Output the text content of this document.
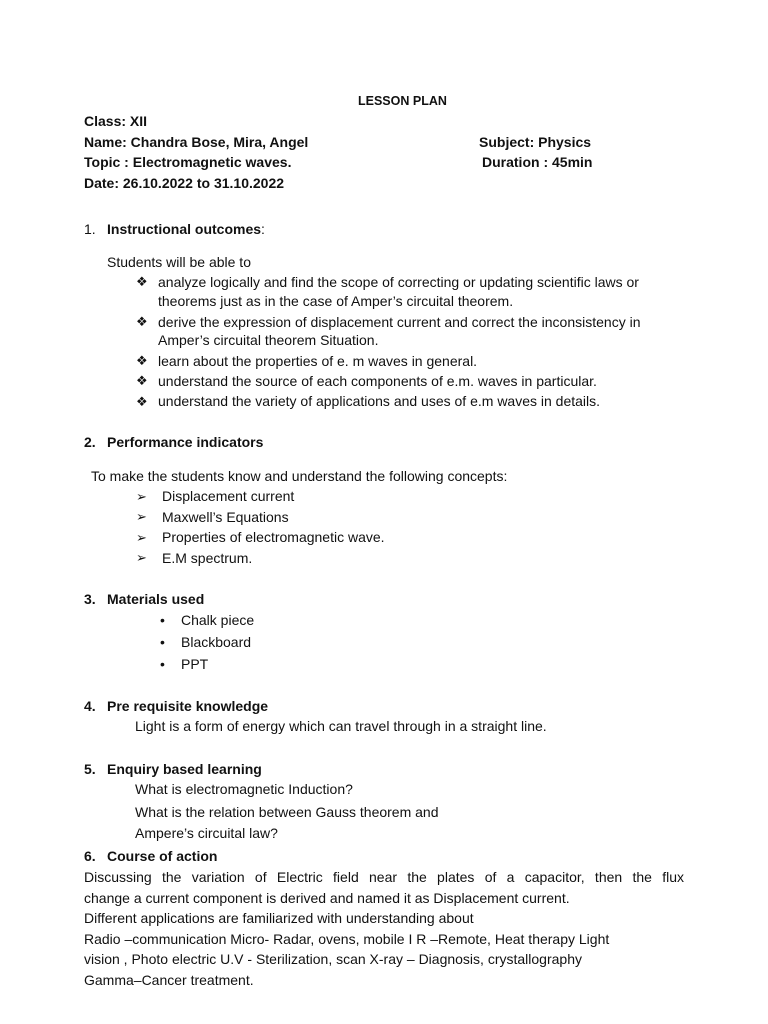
LESSON PLAN
Class: XII
Name: Chandra Bose, Mira, Angel	Subject: Physics
Topic : Electromagnetic waves.	Duration : 45min
Date: 26.10.2022 to 31.10.2022
1. Instructional outcomes:
Students will be able to
❖ analyze logically and find the scope of correcting or updating scientific laws or
theorems just as in the case of Amper’s circuital theorem.
❖ derive the expression of displacement current and correct the inconsistency in
Amper’s circuital theorem Situation.
❖ learn about the properties of e. m waves in general.
❖ understand the source of each components of e.m. waves in particular.
❖ understand the variety of applications and uses of e.m waves in details.
2. Performance indicators
To make the students know and understand the following concepts:
➢ Displacement current
➢ Maxwell’s Equations
➢ Properties of electromagnetic wave.
➢ E.M spectrum.
3. Materials used
• Chalk piece
• Blackboard
• PPT
4. Pre requisite knowledge
Light is a form of energy which can travel through in a straight line.
5. Enquiry based learning
What is electromagnetic Induction?
What is the relation between Gauss theorem and
Ampere’s circuital law?
6. Course of action
Discussing the variation of Electric field near the plates of a capacitor, then the flux
change a current component is derived and named it as Displacement current.
Different applications are familiarized with understanding about
Radio –communication Micro- Radar, ovens, mobile I R –Remote, Heat therapy Light
vision , Photo electric U.V - Sterilization, scan X-ray – Diagnosis, crystallography
Gamma–Cancer treatment.
